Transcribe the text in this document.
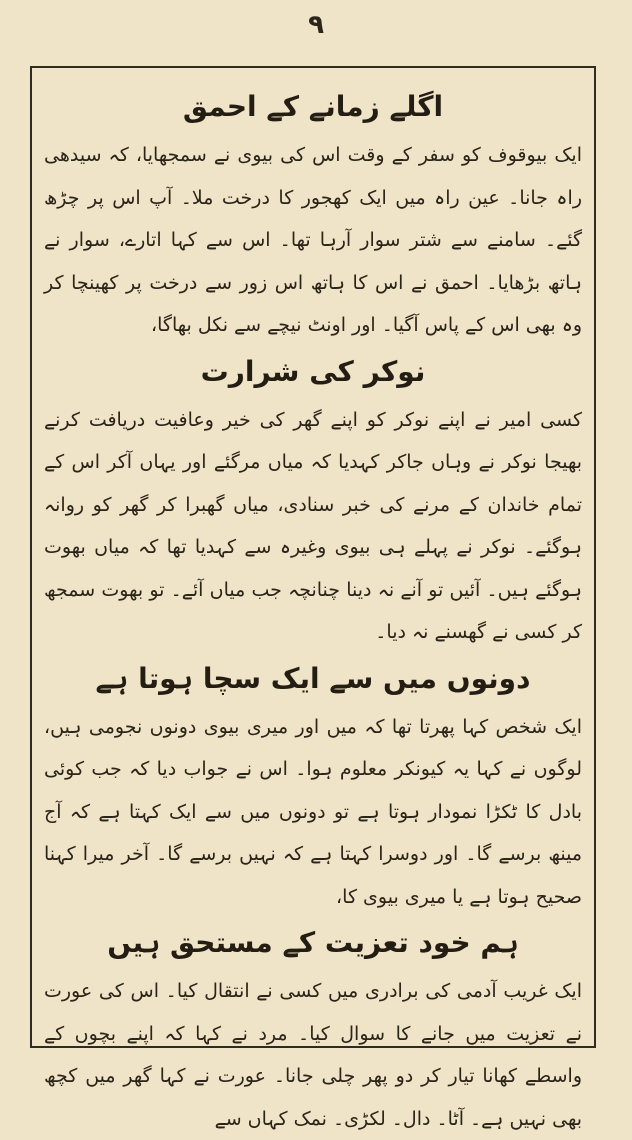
۹
اگلے زمانے کے احمق

ایک بیوقوف کو سفر کے وقت اس کی بیوی نے سمجھایا، کہ سیدھی راہ جانا۔ عین راہ میں ایک کھجور کا درخت ملا۔ آپ اس پر چڑھ گئے۔ سامنے سے شتر سوار آرہا تھا۔ اس سے کہا اتارے، سوار نے ہاتھ بڑھایا۔ احمق نے اس کا ہاتھ اس زور سے درخت پر کھینچا کر وہ بھی اس کے پاس آگیا۔ اور اونٹ نیچے سے نکل بھاگا،

نوکر کی شرارت

کسی امیر نے اپنے نوکر کو اپنے گھر کی خیر وعافیت دریافت کرنے بھیجا نوکر نے وہاں جاکر کہدیا کہ میاں مرگئے اور یہاں آکر اس کے تمام خاندان کے مرنے کی خبر سنادی، میاں گھبرا کر گھر کو روانہ ہوگئے۔ نوکر نے پہلے ہی بیوی وغیرہ سے کہدیا تھا کہ میاں بھوت ہوگئے ہیں۔ آئیں تو آنے نہ دینا چنانچہ جب میاں آئے۔ تو بھوت سمجھ کر کسی نے گھسنے نہ دیا۔

دونوں میں سے ایک سچا ہوتا ہے

ایک شخص کہا پھرتا تھا کہ میں اور میری بیوی دونوں نجومی ہیں، لوگوں نے کہا یہ کیونکر معلوم ہوا۔ اس نے جواب دیا کہ جب کوئی بادل کا ٹکڑا نمودار ہوتا ہے تو دونوں میں سے ایک کہتا ہے کہ آج مینھ برسے گا۔ اور دوسرا کہتا ہے کہ نہیں برسے گا۔ آخر میرا کہنا صحیح ہوتا ہے یا میری بیوی کا،

ہم خود تعزیت کے مستحق ہیں

ایک غریب آدمی کی برادری میں کسی نے انتقال کیا۔ اس کی عورت نے تعزیت میں جانے کا سوال کیا۔ مرد نے کہا کہ اپنے بچوں کے واسطے کھانا تیار کر دو پھر چلی جانا۔ عورت نے کہا گھر میں کچھ بھی نہیں ہے۔ آٹا۔ دال۔ لکڑی۔ نمک کہاں سے
